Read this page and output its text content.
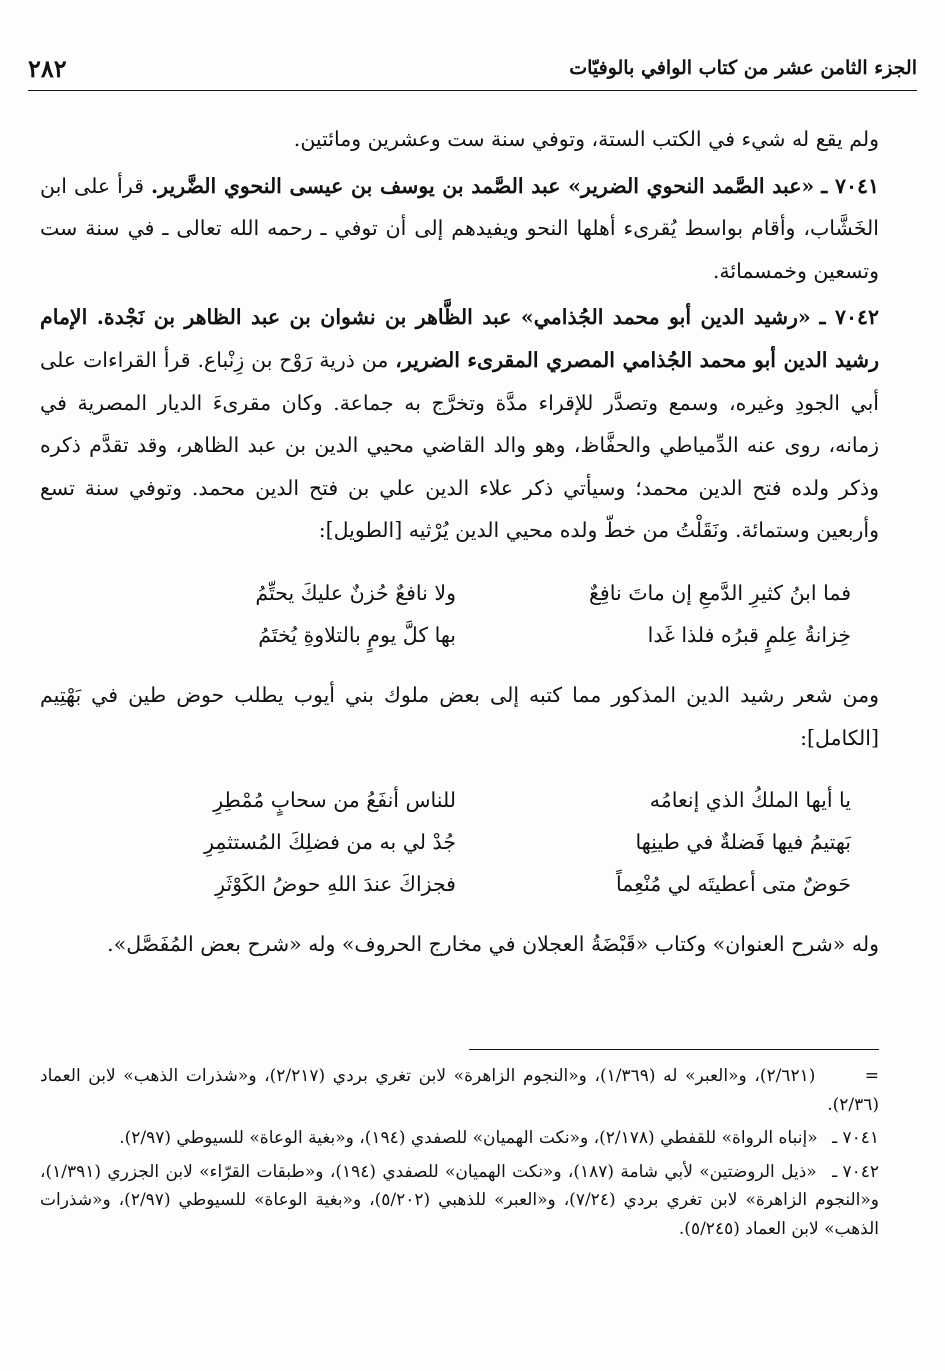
الجزء الثامن عشر من كتاب الوافي بالوفيّات
٢٨٢

ولم يقع له شيء في الكتب الستة، وتوفي سنة ست وعشرين ومائتين.

٧٠٤١ ـ «عبد الصَّمد النحوي الضرير» عبد الصَّمد بن يوسف بن عيسى النحوي الضَّرير. قرأ على ابن الخَشَّاب، وأقام بواسط يُقرىء أهلها النحو ويفيدهم إلى أن توفي ـ رحمه الله تعالى ـ في سنة ست وتسعين وخمسمائة.

٧٠٤٢ ـ «رشيد الدين أبو محمد الجُذامي» عبد الظَّاهر بن نشوان بن عبد الظاهر بن نَجْدة. الإمام رشيد الدين أبو محمد الجُذامي المصري المقرىء الضرير، من ذرية رَوْح بن زِنْباع. قرأ القراءات على أبي الجودِ وغيره، وسمع وتصدَّر للإقراء مدَّة وتخرَّج به جماعة. وكان مقرىءَ الديار المصرية في زمانه، روى عنه الدِّمياطي والحفَّاظ، وهو والد القاضي محيي الدين بن عبد الظاهر، وقد تقدَّم ذكره وذكر ولده فتح الدين محمد؛ وسيأتي ذكر علاء الدين علي بن فتح الدين محمد. وتوفي سنة تسع وأربعين وستمائة. ونَقَلْتُ من خطّ ولده محيي الدين يُرْثيه [الطويل]:

فما ابنُ كثيرِ الدَّمعِ إن ماتَ نافِعٌ
ولا نافعٌ حُزنٌ عليكَ يحتِّمُ
خِزانةُ عِلمٍ قبرُه فلذا غَدا
بها كلَّ يومٍ بالتلاوةِ يُختَمُ

ومن شعر رشيد الدين المذكور مما كتبه إلى بعض ملوك بني أيوب يطلب حوض طين في بَهْتِيم [الكامل]:

يا أيها الملكُ الذي إنعامُه
للناس أنفَعُ من سحابٍ مُمْطِرِ
بَهتيمُ فيها فَضلةٌ في طينِها
جُدْ لي به من فضلِكَ المُستثمِرِ
حَوضٌ متى أعطيتَه لي مُنْعِماً
فجزاكَ عندَ اللهِ حوضُ الكَوْثَرِ

وله «شرح العنوان» وكتاب «قَبْضَةُ العجلان في مخارج الحروف» وله «شرح بعض المُفَصَّل».

= (٢/٦٢١)، و«العبر» له (١/٣٦٩)، و«النجوم الزاهرة» لابن تغري بردي (٢/٢١٧)، و«شذرات الذهب» لابن العماد (٢/٣٦).

٧٠٤١ ـ «إنباه الرواة» للقفطي (٢/١٧٨)، و«نكت الهميان» للصفدي (١٩٤)، و«بغية الوعاة» للسيوطي (٢/٩٧).

٧٠٤٢ ـ «ذيل الروضتين» لأبي شامة (١٨٧)، و«نكت الهميان» للصفدي (١٩٤)، و«طبقات القرّاء» لابن الجزري (١/٣٩١)، و«النجوم الزاهرة» لابن تغري بردي (٧/٢٤)، و«العبر» للذهبي (٥/٢٠٢)، و«بغية الوعاة» للسيوطي (٢/٩٧)، و«شذرات الذهب» لابن العماد (٥/٢٤٥).
